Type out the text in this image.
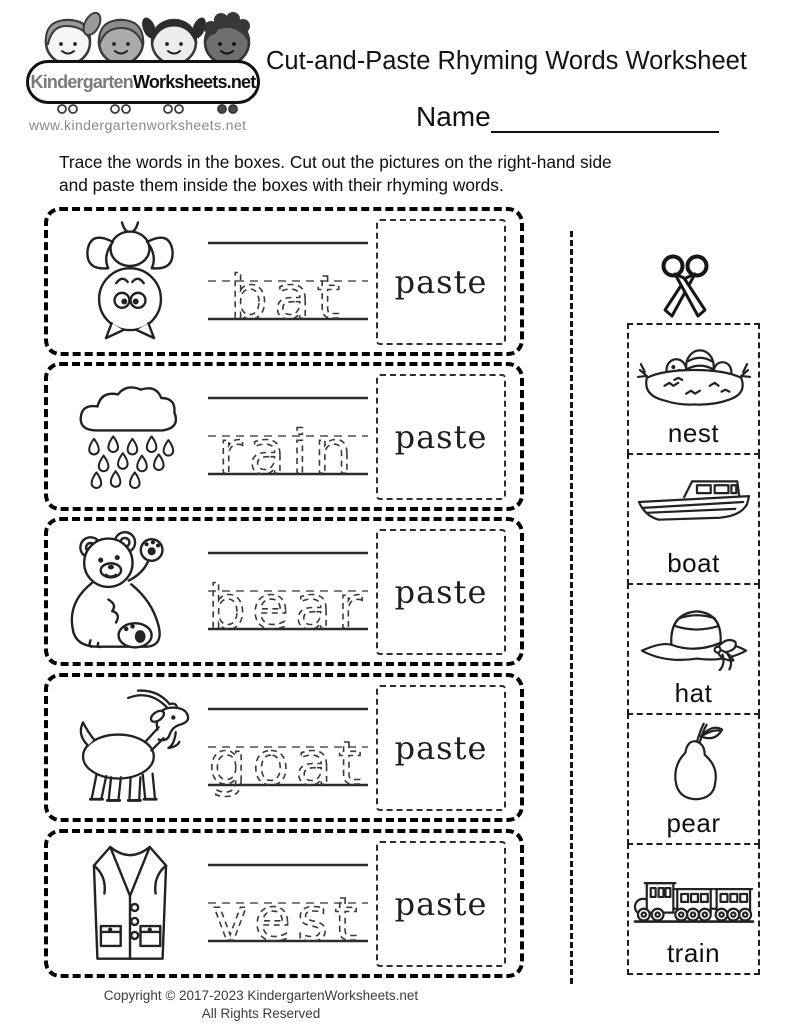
Kindergarten Worksheets.net
www.kindergartenworksheets.net
Cut-and-Paste Rhyming Words Worksheet
Name
Trace the words in the boxes. Cut out the pictures on the right-hand side
and paste them inside the boxes with their rhyming words.
bat paste
rain paste
bear paste
goat paste
vest paste
nest
boat
hat
pear
train
Copyright © 2017-2023 KindergartenWorksheets.net
All Rights Reserved
